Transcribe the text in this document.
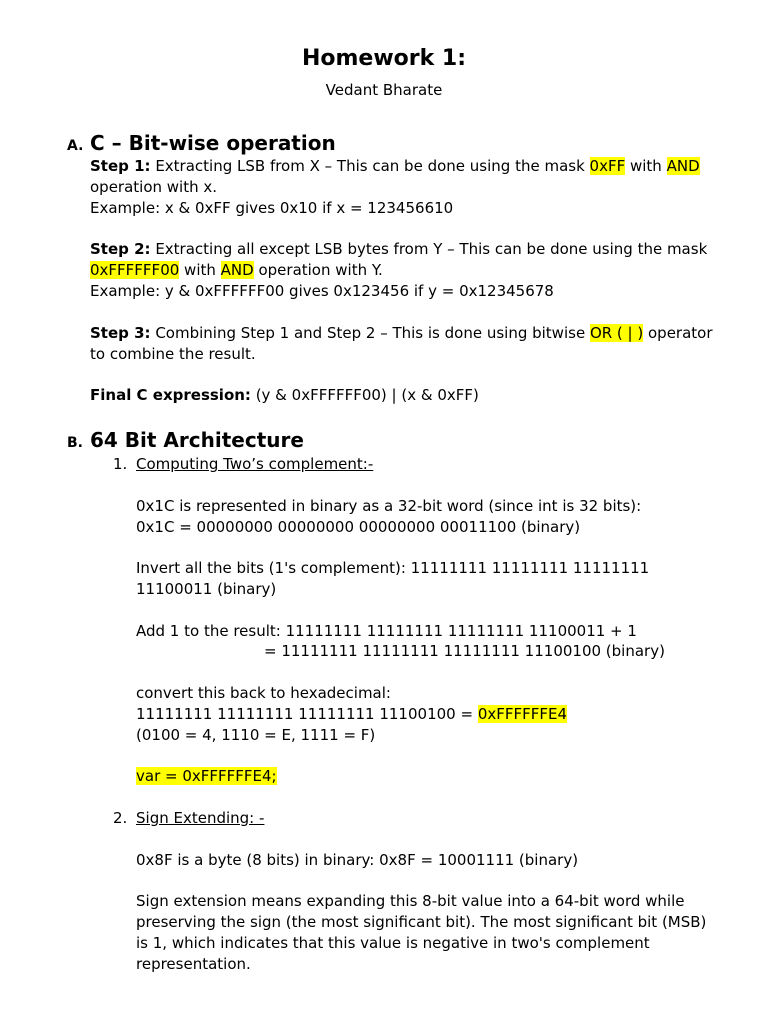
Homework 1:
Vedant Bharate
A. C – Bit-wise operation
Step 1: Extracting LSB from X – This can be done using the mask 0xFF with AND
operation with x.
Example: x & 0xFF gives 0x10 if x = 123456610
Step 2: Extracting all except LSB bytes from Y – This can be done using the mask
0xFFFFFF00 with AND operation with Y.
Example: y & 0xFFFFFF00 gives 0x123456 if y = 0x12345678
Step 3: Combining Step 1 and Step 2 – This is done using bitwise OR ( | ) operator
to combine the result.
Final C expression: (y & 0xFFFFFF00) | (x & 0xFF)
B. 64 Bit Architecture
1. Computing Two’s complement:-
0x1C is represented in binary as a 32-bit word (since int is 32 bits):
0x1C = 00000000 00000000 00000000 00011100 (binary)
Invert all the bits (1's complement): 11111111 11111111 11111111
11100011 (binary)
Add 1 to the result: 11111111 11111111 11111111 11100011 + 1
= 11111111 11111111 11111111 11100100 (binary)
convert this back to hexadecimal:
11111111 11111111 11111111 11100100 = 0xFFFFFFE4
(0100 = 4, 1110 = E, 1111 = F)
var = 0xFFFFFFE4;
2. Sign Extending: -
0x8F is a byte (8 bits) in binary: 0x8F = 10001111 (binary)
Sign extension means expanding this 8-bit value into a 64-bit word while
preserving the sign (the most significant bit). The most significant bit (MSB)
is 1, which indicates that this value is negative in two's complement
representation.
